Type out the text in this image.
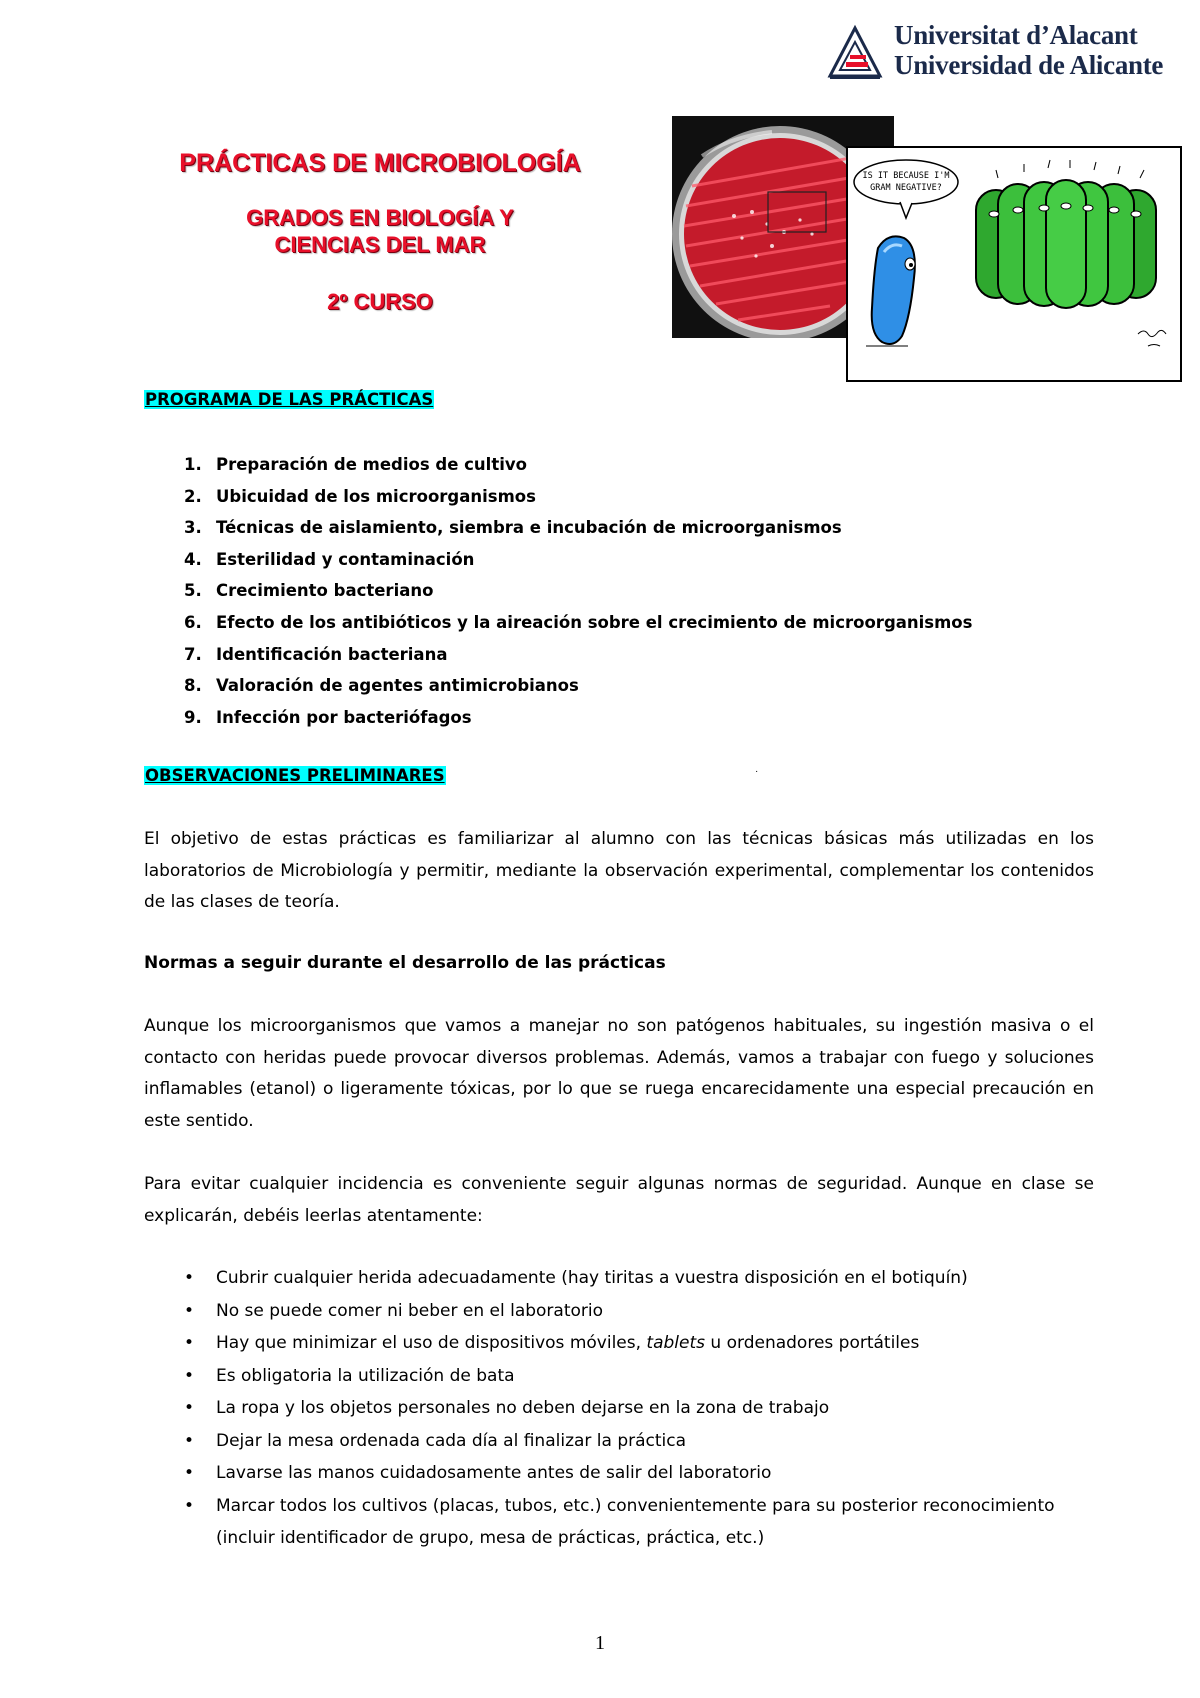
Universitat d’Alacant
Universidad de Alicante
PRÁCTICAS DE MICROBIOLOGÍA
GRADOS EN BIOLOGÍA Y
CIENCIAS DEL MAR
2º CURSO
IS IT BECAUSE I'M
GRAM NEGATIVE?
PROGRAMA DE LAS PRÁCTICAS
1. Preparación de medios de cultivo
2. Ubicuidad de los microorganismos
3. Técnicas de aislamiento, siembra e incubación de microorganismos
4. Esterilidad y contaminación
5. Crecimiento bacteriano
6. Efecto de los antibióticos y la aireación sobre el crecimiento de microorganismos
7. Identificación bacteriana
8. Valoración de agentes antimicrobianos
9. Infección por bacteriófagos
OBSERVACIONES PRELIMINARES	·
El objetivo de estas prácticas es familiarizar al alumno con las técnicas básicas más utilizadas en los laboratorios de Microbiología y permitir, mediante la observación experimental, complementar los contenidos de las clases de teoría.
Normas a seguir durante el desarrollo de las prácticas
Aunque los microorganismos que vamos a manejar no son patógenos habituales, su ingestión masiva o el contacto con heridas puede provocar diversos problemas. Además, vamos a trabajar con fuego y soluciones inflamables (etanol) o ligeramente tóxicas, por lo que se ruega encarecidamente una especial precaución en este sentido.
Para evitar cualquier incidencia es conveniente seguir algunas normas de seguridad. Aunque en clase se explicarán, debéis leerlas atentamente:
• Cubrir cualquier herida adecuadamente (hay tiritas a vuestra disposición en el botiquín)
• No se puede comer ni beber en el laboratorio
• Hay que minimizar el uso de dispositivos móviles, tablets u ordenadores portátiles
• Es obligatoria la utilización de bata
• La ropa y los objetos personales no deben dejarse en la zona de trabajo
• Dejar la mesa ordenada cada día al finalizar la práctica
• Lavarse las manos cuidadosamente antes de salir del laboratorio
• Marcar todos los cultivos (placas, tubos, etc.) convenientemente para su posterior reconocimiento (incluir identificador de grupo, mesa de prácticas, práctica, etc.)
1
